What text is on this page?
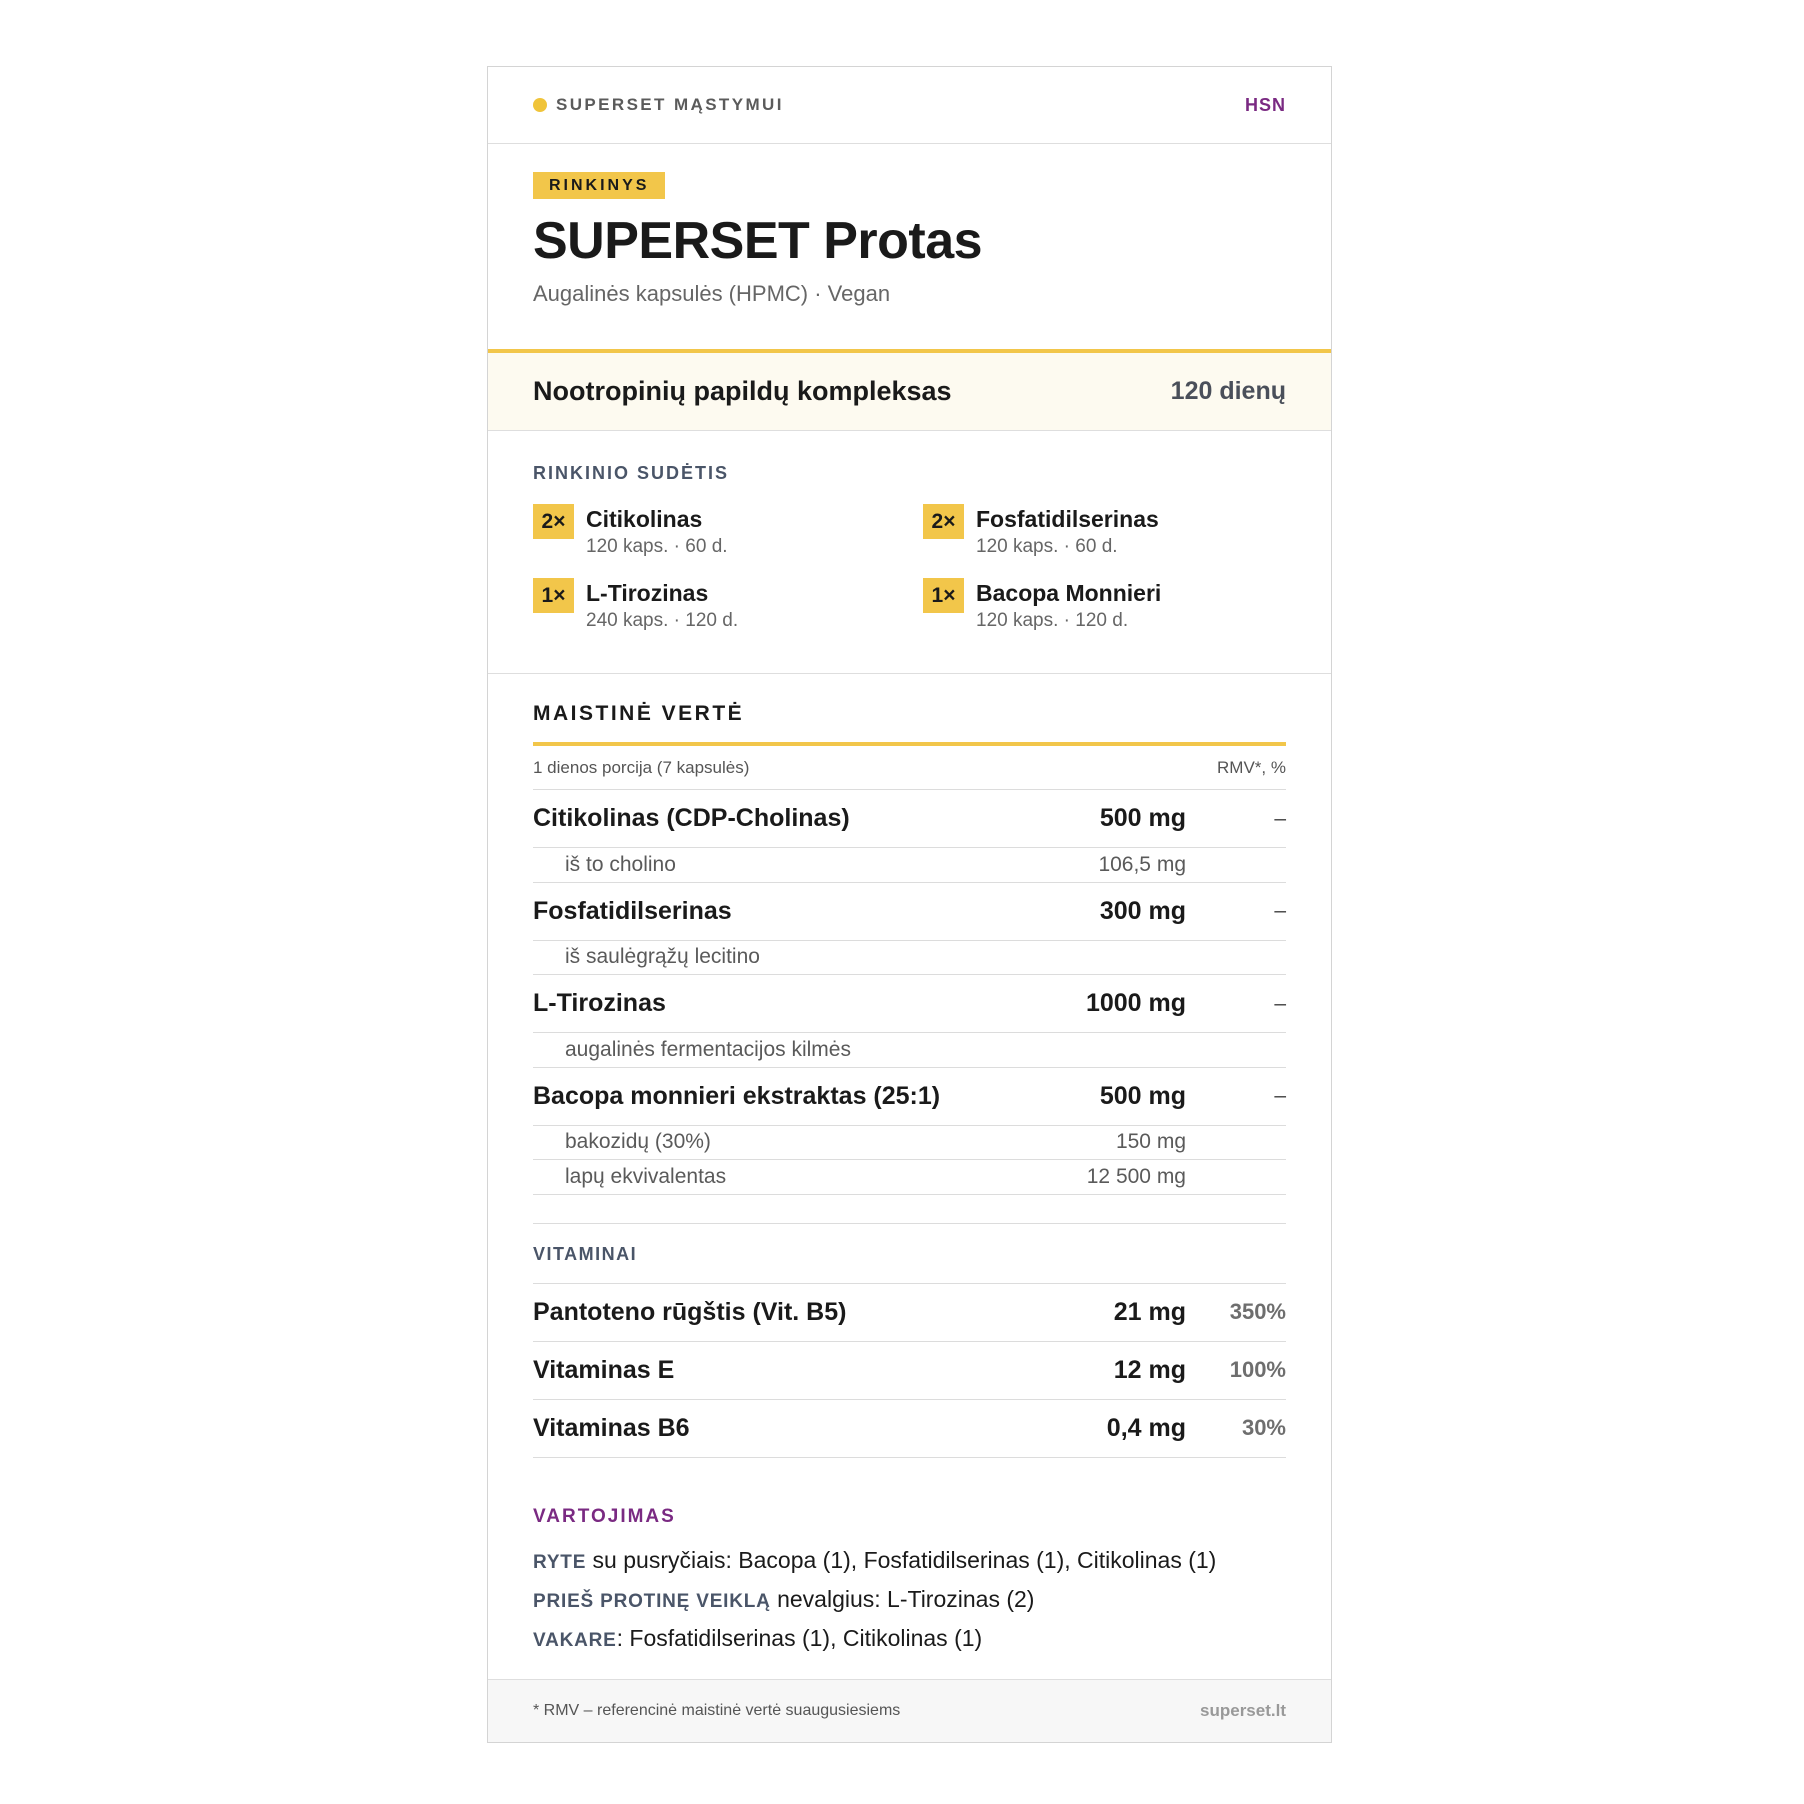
SUPERSET MĄSTYMUI	HSN
RINKINYS
SUPERSET Protas
Augalinės kapsulės (HPMC) · Vegan
Nootropinių papildų kompleksas	120 dienų
RINKINIO SUDĖTIS
2× Citikolinas
120 kaps. · 60 d.
2× Fosfatidilserinas
120 kaps. · 60 d.
1× L-Tirozinas
240 kaps. · 120 d.
1× Bacopa Monnieri
120 kaps. · 120 d.
MAISTINĖ VERTĖ
1 dienos porcija (7 kapsulės)	RMV*, %
Citikolinas (CDP-Cholinas)	500 mg	–
iš to cholino	106,5 mg
Fosfatidilserinas	300 mg	–
iš saulėgrąžų lecitino
L-Tirozinas	1000 mg	–
augalinės fermentacijos kilmės
Bacopa monnieri ekstraktas (25:1)	500 mg	–
bakozidų (30%)	150 mg
lapų ekvivalentas	12 500 mg
VITAMINAI
Pantoteno rūgštis (Vit. B5)	21 mg	350%
Vitaminas E	12 mg	100%
Vitaminas B6	0,4 mg	30%
VARTOJIMAS
RYTE su pusryčiais: Bacopa (1), Fosfatidilserinas (1), Citikolinas (1)
PRIEŠ PROTINĘ VEIKLĄ nevalgius: L-Tirozinas (2)
VAKARE: Fosfatidilserinas (1), Citikolinas (1)
* RMV – referencinė maistinė vertė suaugusiesiems	superset.lt
